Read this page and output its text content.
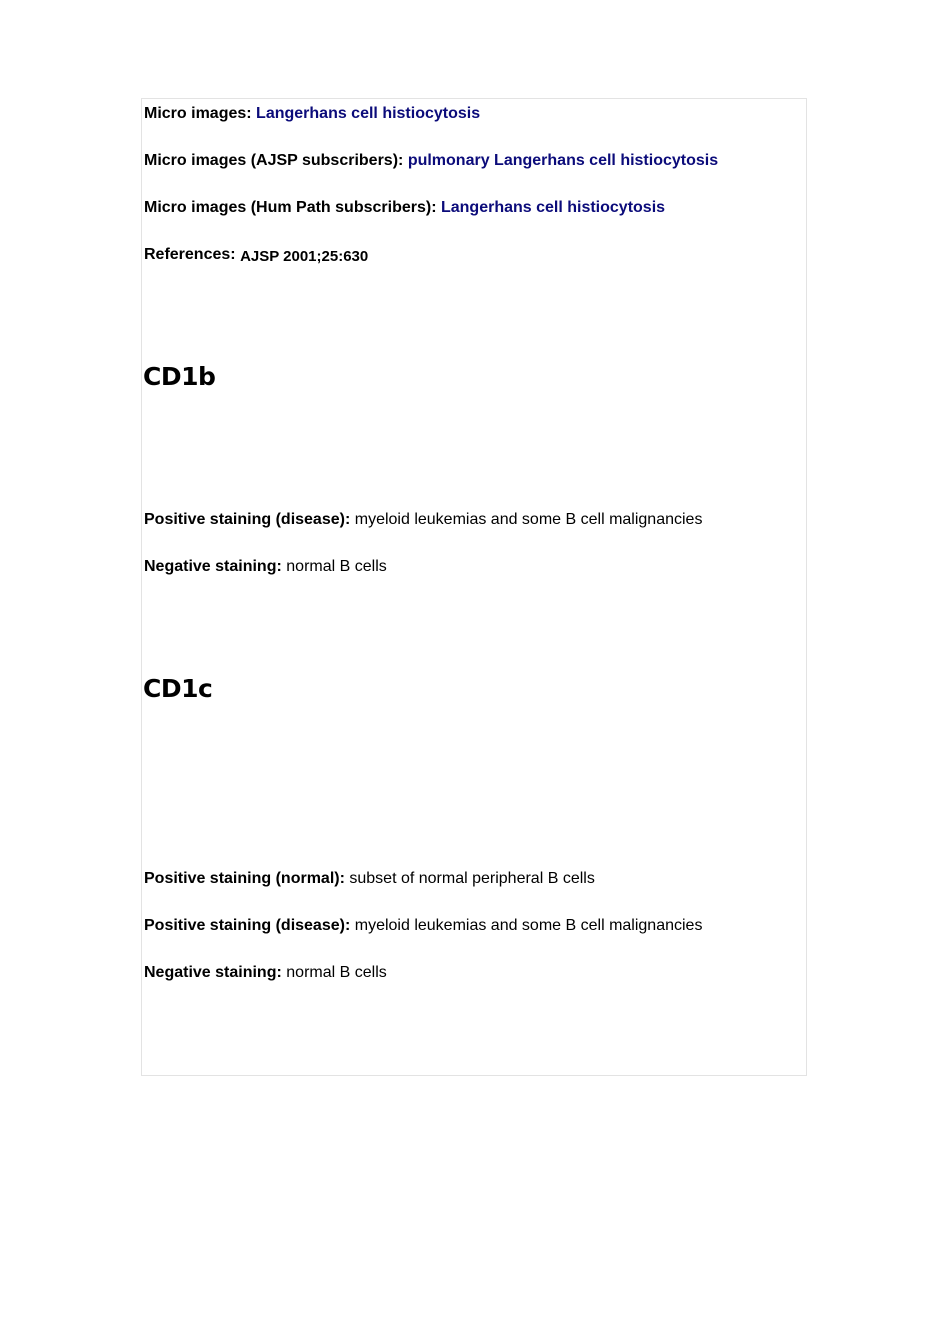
Micro images: Langerhans cell histiocytosis
Micro images (AJSP subscribers): pulmonary Langerhans cell histiocytosis
Micro images (Hum Path subscribers): Langerhans cell histiocytosis
References: AJSP 2001;25:630
CD1b
Positive staining (disease): myeloid leukemias and some B cell malignancies
Negative staining: normal B cells
CD1c
Positive staining (normal): subset of normal peripheral B cells
Positive staining (disease): myeloid leukemias and some B cell malignancies
Negative staining: normal B cells
